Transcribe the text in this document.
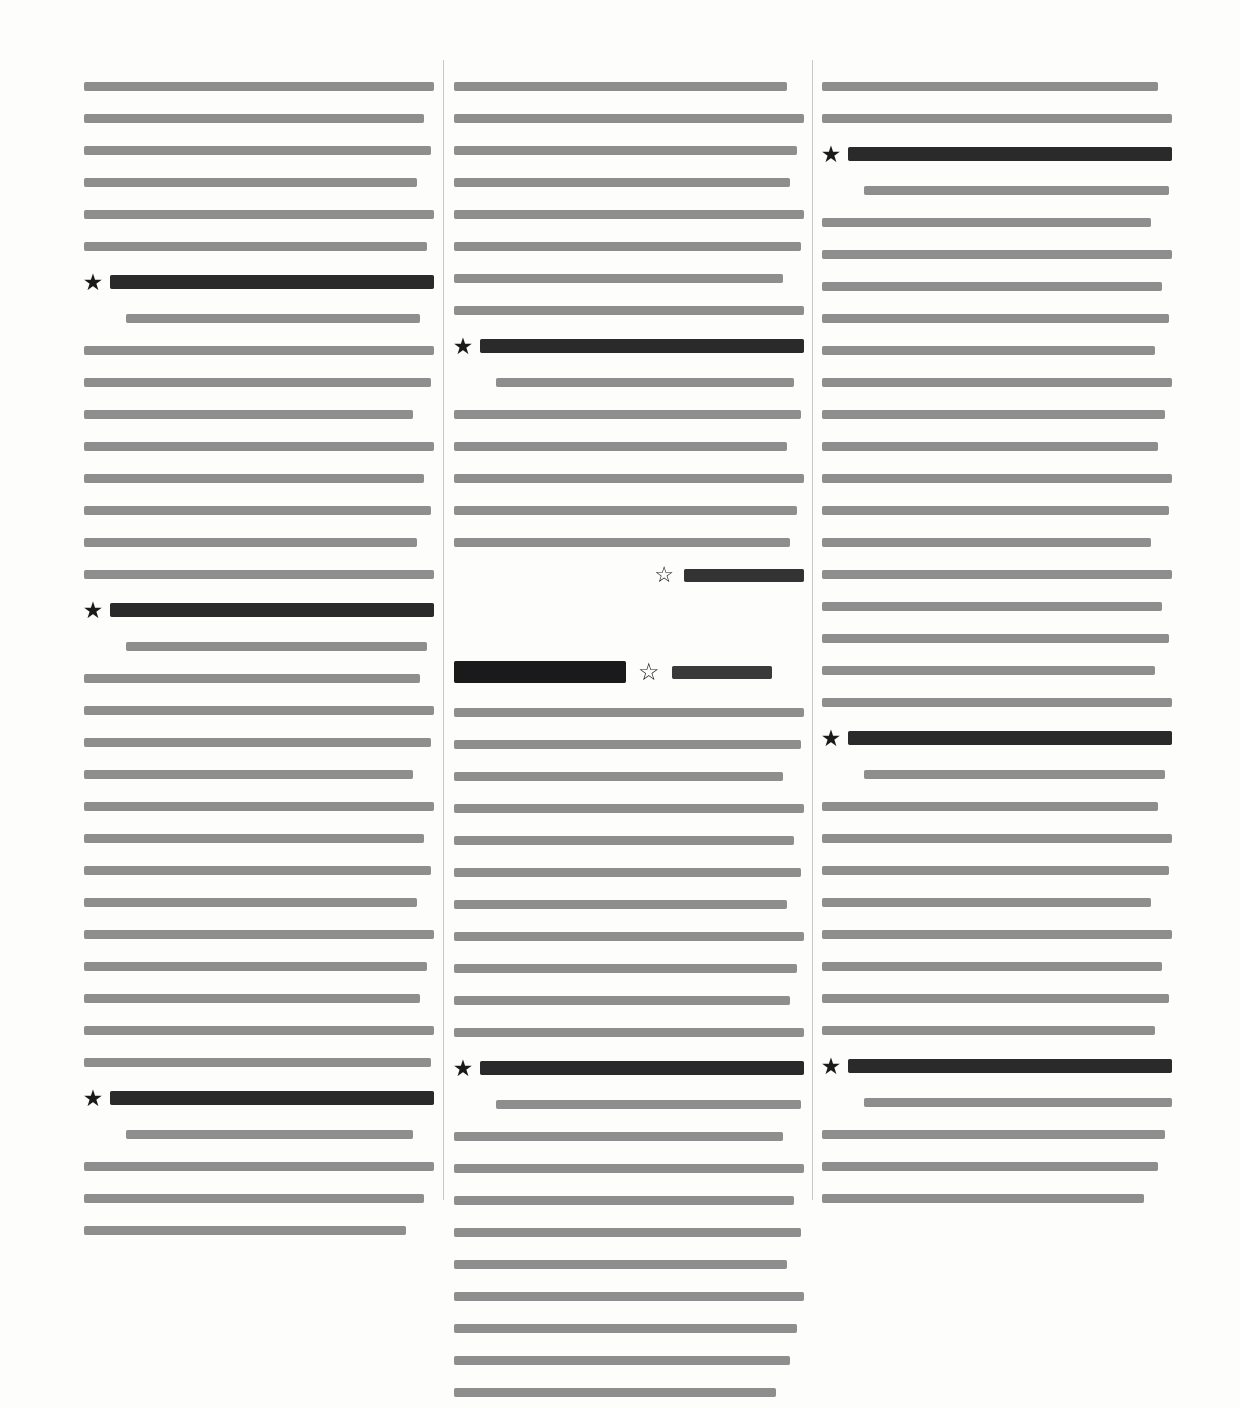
★
★
★
★
☆
☆
★
★
★
★
